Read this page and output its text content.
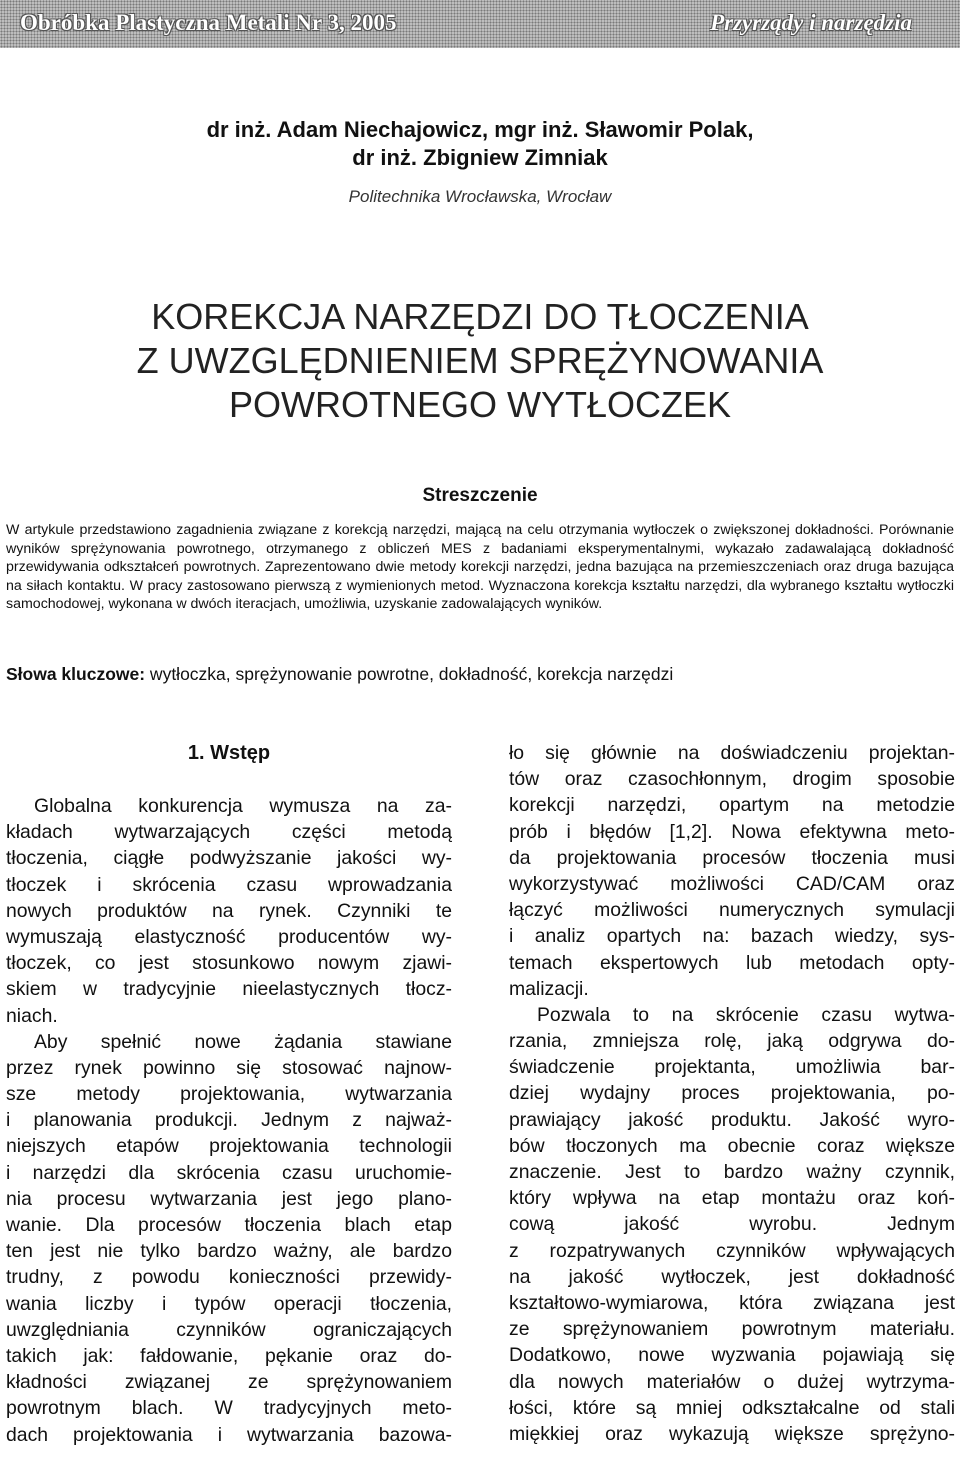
Obróbka Plastyczna Metali Nr 3, 2005	Przyrządy i narzędzia
dr inż. Adam Niechajowicz, mgr inż. Sławomir Polak,
dr inż. Zbigniew Zimniak
Politechnika Wrocławska, Wrocław
KOREKCJA NARZĘDZI DO TŁOCZENIA
Z UWZGLĘDNIENIEM SPRĘŻYNOWANIA
POWROTNEGO WYTŁOCZEK
Streszczenie
W artykule przedstawiono zagadnienia związane z korekcją narzędzi, mającą na celu otrzymania wytłoczek o zwiększonej dokładności. Porównanie wyników sprężynowania powrotnego, otrzymanego z obliczeń MES z badaniami eksperymentalnymi, wykazało zadawalającą dokładność przewidywania odkształceń powrotnych. Zaprezentowano dwie metody korekcji narzędzi, jedna bazująca na przemieszczeniach oraz druga bazująca na siłach kontaktu. W pracy zastosowano pierwszą z wymienionych metod. Wyznaczona korekcja kształtu narzędzi, dla wybranego kształtu wytłoczki samochodowej, wykonana w dwóch iteracjach, umożliwia, uzyskanie zadowalających wyników.
Słowa kluczowe: wytłoczka, sprężynowanie powrotne, dokładność, korekcja narzędzi
1. Wstęp
Globalna konkurencja wymusza na za-
kładach wytwarzających części metodą
tłoczenia, ciągłe podwyższanie jakości wy-
tłoczek i skrócenia czasu wprowadzania
nowych produktów na rynek. Czynniki te
wymuszają elastyczność producentów wy-
tłoczek, co jest stosunkowo nowym zjawi-
skiem w tradycyjnie nieelastycznych tłocz-
niach.
Aby spełnić nowe żądania stawiane
przez rynek powinno się stosować najnow-
sze metody projektowania, wytwarzania
i planowania produkcji. Jednym z najważ-
niejszych etapów projektowania technologii
i narzędzi dla skrócenia czasu uruchomie-
nia procesu wytwarzania jest jego plano-
wanie. Dla procesów tłoczenia blach etap
ten jest nie tylko bardzo ważny, ale bardzo
trudny, z powodu konieczności przewidy-
wania liczby i typów operacji tłoczenia,
uwzględniania czynników ograniczających
takich jak: fałdowanie, pękanie oraz do-
kładności związanej ze sprężynowaniem
powrotnym blach. W tradycyjnych meto-
dach projektowania i wytwarzania bazowa-
ło się głównie na doświadczeniu projektan-
tów oraz czasochłonnym, drogim sposobie
korekcji narzędzi, opartym na metodzie
prób i błędów [1,2]. Nowa efektywna meto-
da projektowania procesów tłoczenia musi
wykorzystywać możliwości CAD/CAM oraz
łączyć możliwości numerycznych symulacji
i analiz opartych na: bazach wiedzy, sys-
temach ekspertowych lub metodach opty-
malizacji.
Pozwala to na skrócenie czasu wytwa-
rzania, zmniejsza rolę, jaką odgrywa do-
świadczenie projektanta, umożliwia bar-
dziej wydajny proces projektowania, po-
prawiający jakość produktu. Jakość wyro-
bów tłoczonych ma obecnie coraz większe
znaczenie. Jest to bardzo ważny czynnik,
który wpływa na etap montażu oraz koń-
cową jakość wyrobu. Jednym
z rozpatrywanych czynników wpływających
na jakość wytłoczek, jest dokładność
kształtowo-wymiarowa, która związana jest
ze sprężynowaniem powrotnym materiału.
Dodatkowo, nowe wyzwania pojawiają się
dla nowych materiałów o dużej wytrzyma-
łości, które są mniej odkształcalne od stali
miękkiej oraz wykazują większe sprężyno-
